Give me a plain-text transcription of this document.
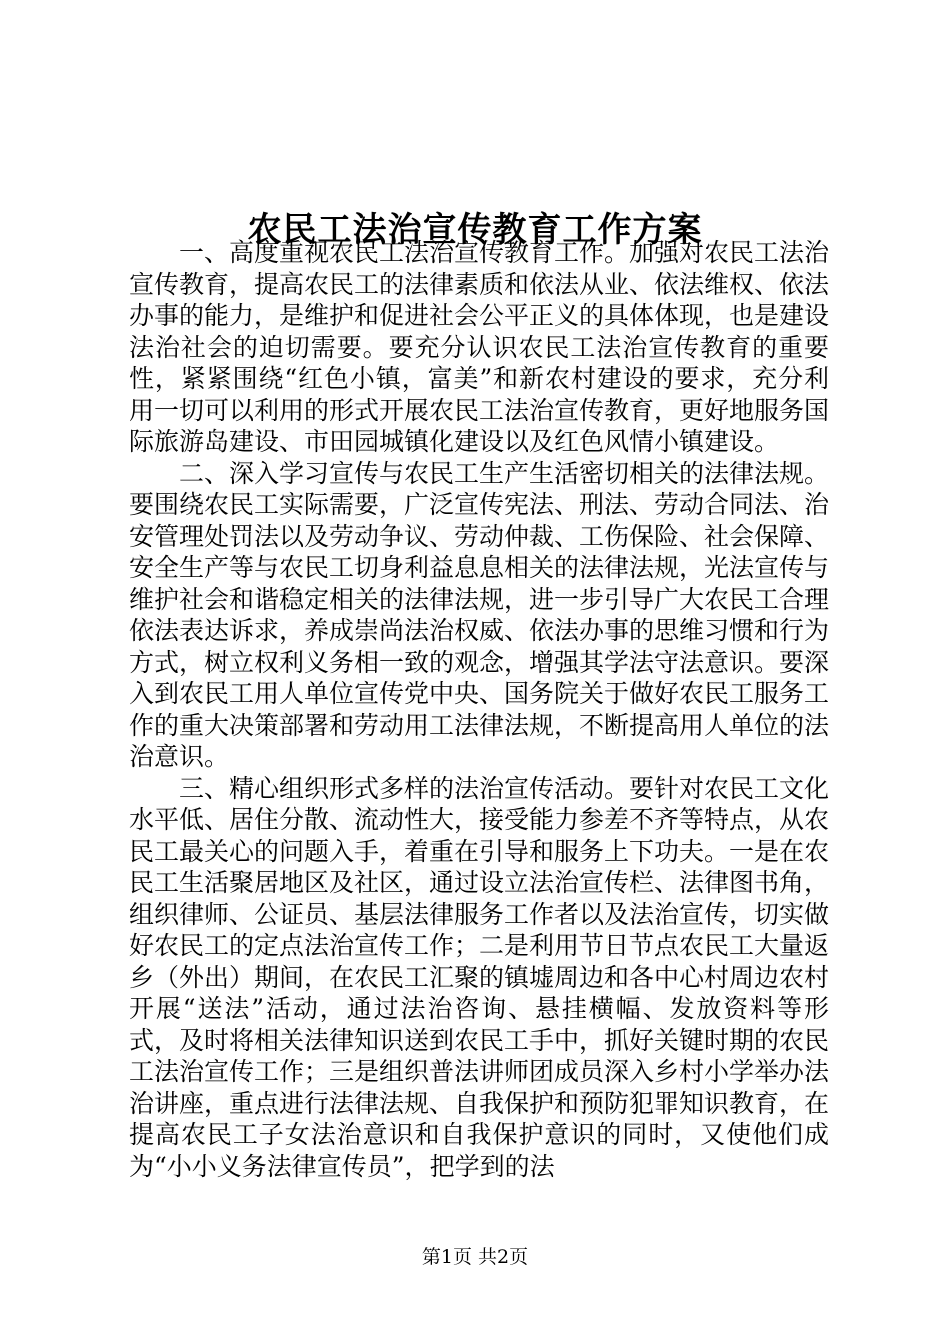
农民工法治宣传教育工作方案

一、高度重视农民工法治宣传教育工作。加强对农民工法治宣传教育，提高农民工的法律素质和依法从业、依法维权、依法办事的能力，是维护和促进社会公平正义的具体体现，也是建设法治社会的迫切需要。要充分认识农民工法治宣传教育的重要性，紧紧围绕“红色小镇，富美”和新农村建设的要求，充分利用一切可以利用的形式开展农民工法治宣传教育，更好地服务国际旅游岛建设、市田园城镇化建设以及红色风情小镇建设。

二、深入学习宣传与农民工生产生活密切相关的法律法规。要围绕农民工实际需要，广泛宣传宪法、刑法、劳动合同法、治安管理处罚法以及劳动争议、劳动仲裁、工伤保险、社会保障、安全生产等与农民工切身利益息息相关的法律法规，光法宣传与维护社会和谐稳定相关的法律法规，进一步引导广大农民工合理依法表达诉求，养成崇尚法治权威、依法办事的思维习惯和行为方式，树立权利义务相一致的观念，增强其学法守法意识。要深入到农民工用人单位宣传党中央、国务院关于做好农民工服务工作的重大决策部署和劳动用工法律法规，不断提高用人单位的法治意识。

三、精心组织形式多样的法治宣传活动。要针对农民工文化水平低、居住分散、流动性大，接受能力参差不齐等特点，从农民工最关心的问题入手，着重在引导和服务上下功夫。一是在农民工生活聚居地区及社区，通过设立法治宣传栏、法律图书角，组织律师、公证员、基层法律服务工作者以及法治宣传，切实做好农民工的定点法治宣传工作；二是利用节日节点农民工大量返乡（外出）期间，在农民工汇聚的镇墟周边和各中心村周边农村开展“送法”活动，通过法治咨询、悬挂横幅、发放资料等形式，及时将相关法律知识送到农民工手中，抓好关键时期的农民工法治宣传工作；三是组织普法讲师团成员深入乡村小学举办法治讲座，重点进行法律法规、自我保护和预防犯罪知识教育，在提高农民工子女法治意识和自我保护意识的同时，又使他们成为“小小义务法律宣传员”，把学到的法

第1页 共2页
